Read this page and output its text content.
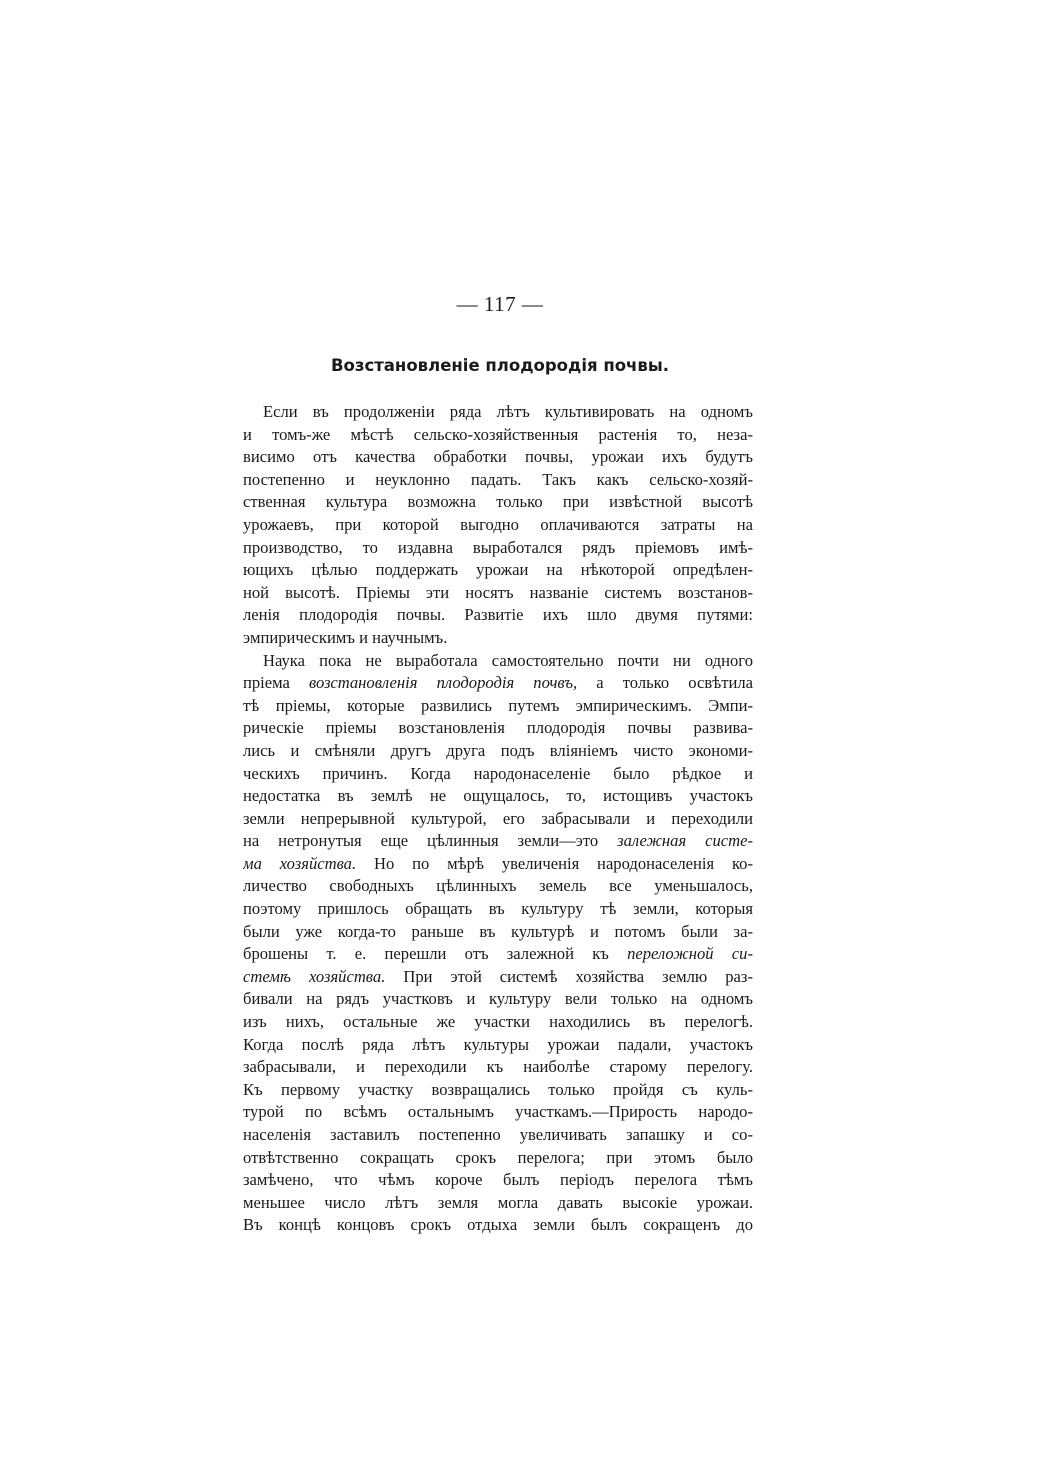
— 117 —
Возстановленіе плодородія почвы.
Если въ продолженіи ряда лѣтъ культивировать на одномъ
и томъ-же мѣстѣ сельско-хозяйственныя растенія то, неза-
висимо отъ качества обработки почвы, урожаи ихъ будутъ
постепенно и неуклонно падать. Такъ какъ сельско-хозяй-
ственная культура возможна только при извѣстной высотѣ
урожаевъ, при которой выгодно оплачиваются затраты на
производство, то издавна выработался рядъ пріемовъ имѣ-
ющихъ цѣлью поддержать урожаи на нѣкоторой опредѣлен-
ной высотѣ. Пріемы эти носятъ названіе системъ возстанов-
ленія плодородія почвы. Развитіе ихъ шло двумя путями:
эмпирическимъ и научнымъ.
Наука пока не выработала самостоятельно почти ни одного
пріема возстановленія плодородія почвъ, а только освѣтила
тѣ пріемы, которые развились путемъ эмпирическимъ. Эмпи-
рическіе пріемы возстановленія плодородія почвы развива-
лись и смѣняли другъ друга подъ вліяніемъ чисто экономи-
ческихъ причинъ. Когда народонаселеніе было рѣдкое и
недостатка въ землѣ не ощущалось, то, истощивъ участокъ
земли непрерывной культурой, его забрасывали и переходили
на нетронутыя еще цѣлинныя земли—это залежная систе-
ма хозяйства. Но по мѣрѣ увеличенія народонаселенія ко-
личество свободныхъ цѣлинныхъ земель все уменьшалось,
поэтому пришлось обращать въ культуру тѣ земли, которыя
были уже когда-то раньше въ культурѣ и потомъ были за-
брошены т. е. перешли отъ залежной къ переложной си-
стемѣ хозяйства. При этой системѣ хозяйства землю раз-
бивали на рядъ участковъ и культуру вели только на одномъ
изъ нихъ, остальные же участки находились въ перелогѣ.
Когда послѣ ряда лѣтъ культуры урожаи падали, участокъ
забрасывали, и переходили къ наиболѣе старому перелогу.
Къ первому участку возвращались только пройдя съ куль-
турой по всѣмъ остальнымъ участкамъ.—Прирость народо-
населенія заставилъ постепенно увеличивать запашку и со-
отвѣтственно сокращать срокъ перелога; при этомъ было
замѣчено, что чѣмъ короче былъ періодъ перелога тѣмъ
меньшее число лѣтъ земля могла давать высокіе урожаи.
Въ концѣ концовъ срокъ отдыха земли былъ сокращенъ до
